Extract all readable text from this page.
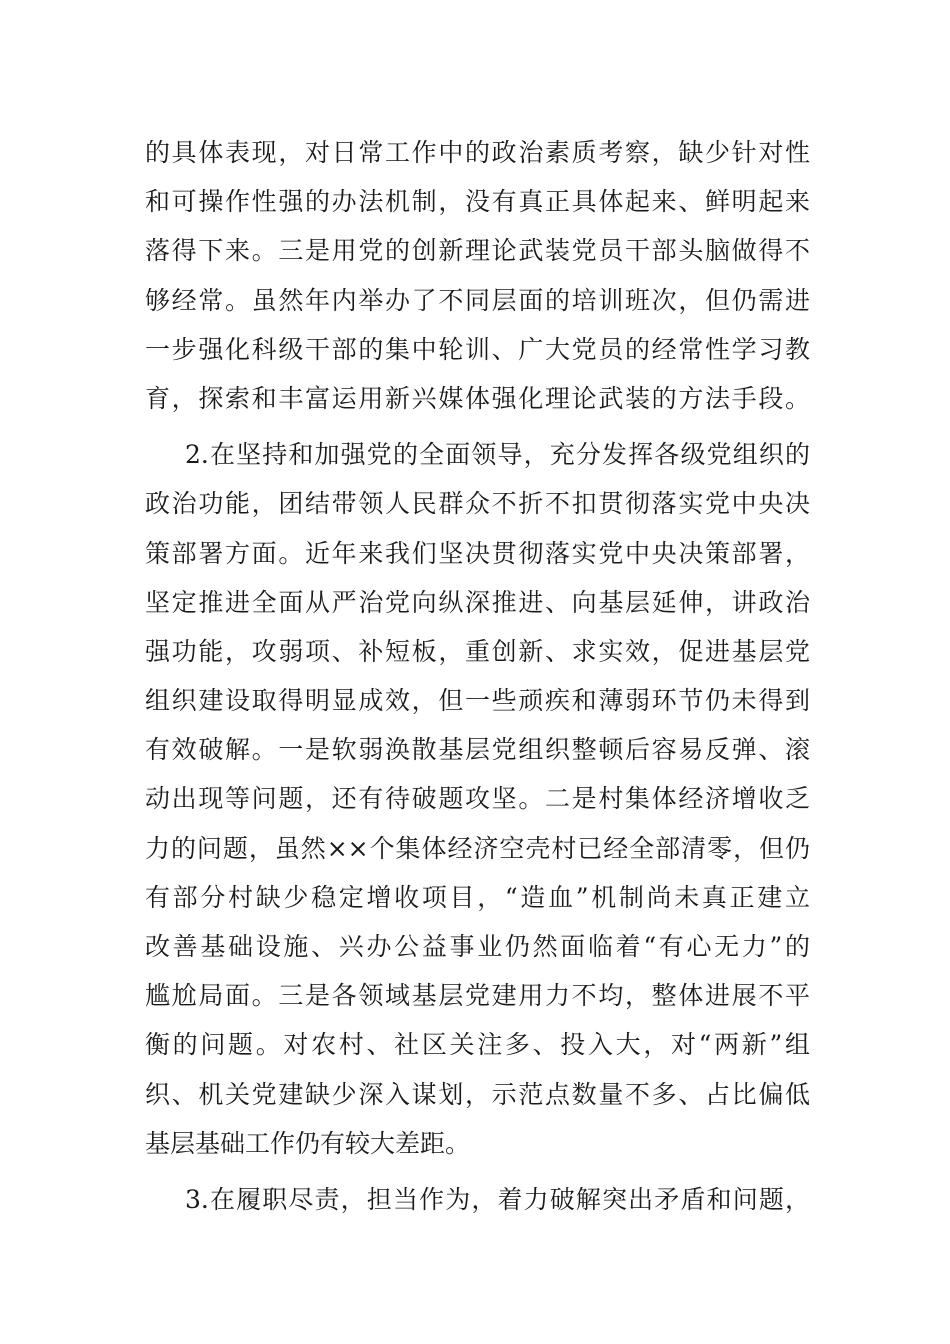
的具体表现，对日常工作中的政治素质考察，缺少针对性
和可操作性强的办法机制，没有真正具体起来、鲜明起来
落得下来。三是用党的创新理论武装党员干部头脑做得不
够经常。虽然年内举办了不同层面的培训班次，但仍需进
一步强化科级干部的集中轮训、广大党员的经常性学习教
育，探索和丰富运用新兴媒体强化理论武装的方法手段。
2.在坚持和加强党的全面领导，充分发挥各级党组织的
政治功能，团结带领人民群众不折不扣贯彻落实党中央决
策部署方面。近年来我们坚决贯彻落实党中央决策部署，
坚定推进全面从严治党向纵深推进、向基层延伸，讲政治
强功能，攻弱项、补短板，重创新、求实效，促进基层党
组织建设取得明显成效，但一些顽疾和薄弱环节仍未得到
有效破解。一是软弱涣散基层党组织整顿后容易反弹、滚
动出现等问题，还有待破题攻坚。二是村集体经济增收乏
力的问题，虽然××个集体经济空壳村已经全部清零，但仍
有部分村缺少稳定增收项目，“造血”机制尚未真正建立
改善基础设施、兴办公益事业仍然面临着“有心无力”的
尴尬局面。三是各领域基层党建用力不均，整体进展不平
衡的问题。对农村、社区关注多、投入大，对“两新”组
织、机关党建缺少深入谋划，示范点数量不多、占比偏低
基层基础工作仍有较大差距。
3.在履职尽责，担当作为，着力破解突出矛盾和问题，
